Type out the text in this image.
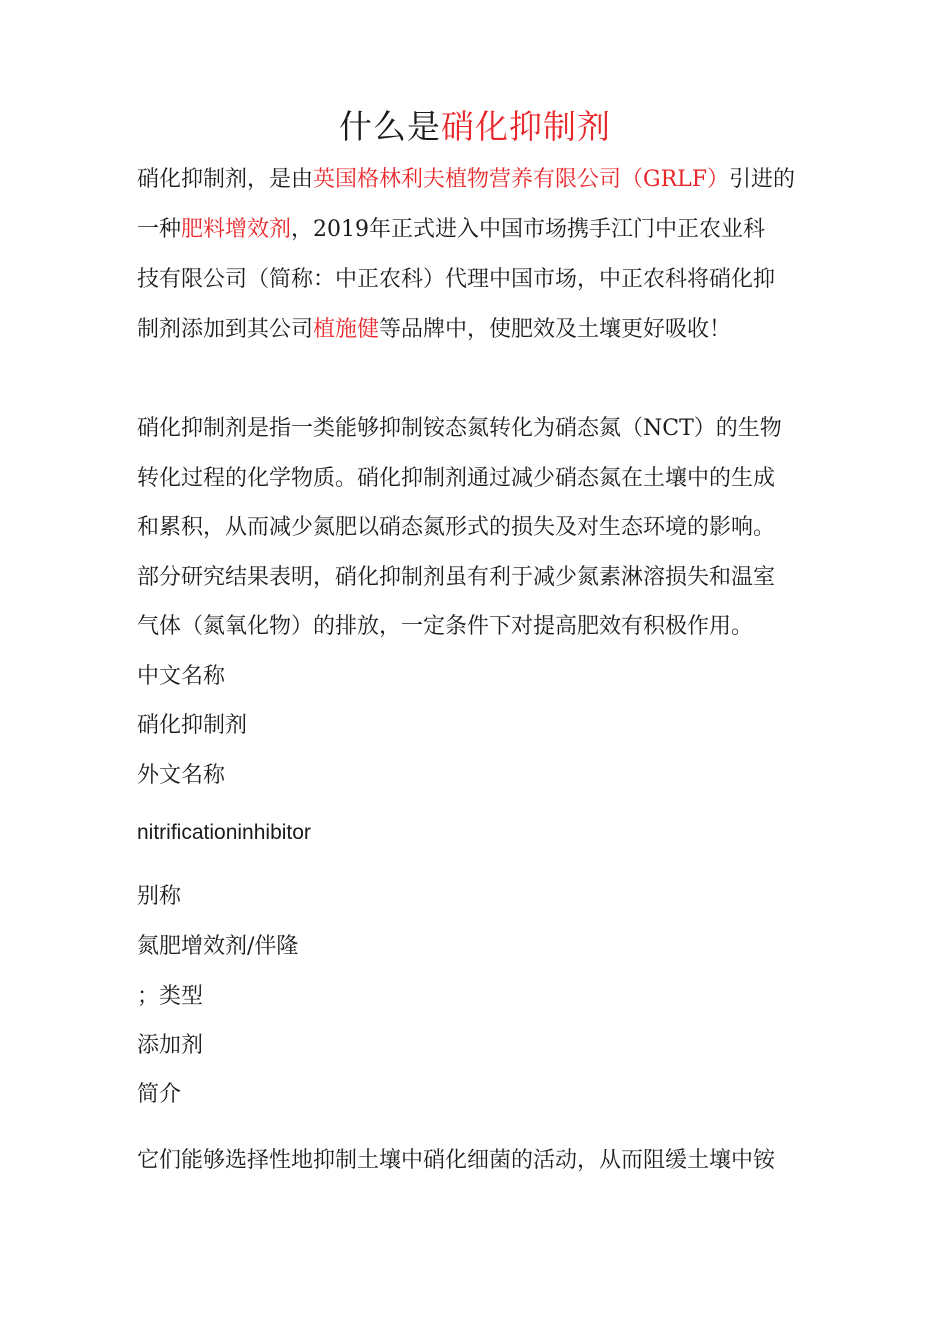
什么是硝化抑制剂
硝化抑制剂，是由英国格林利夫植物营养有限公司（GRLF）引进的
一种肥料增效剂，2019年正式进入中国市场携手江门中正农业科
技有限公司（简称：中正农科）代理中国市场，中正农科将硝化抑
制剂添加到其公司植施健等品牌中，使肥效及土壤更好吸收！
硝化抑制剂是指一类能够抑制铵态氮转化为硝态氮（NCT）的生物
转化过程的化学物质。硝化抑制剂通过减少硝态氮在土壤中的生成
和累积，从而减少氮肥以硝态氮形式的损失及对生态环境的影响。
部分研究结果表明，硝化抑制剂虽有利于减少氮素淋溶损失和温室
气体（氮氧化物）的排放，一定条件下对提高肥效有积极作用。
中文名称
硝化抑制剂
外文名称
nitrificationinhibitor
别称
氮肥增效剂/伴隆
；类型
添加剂
简介
它们能够选择性地抑制土壤中硝化细菌的活动，从而阻缓土壤中铵
